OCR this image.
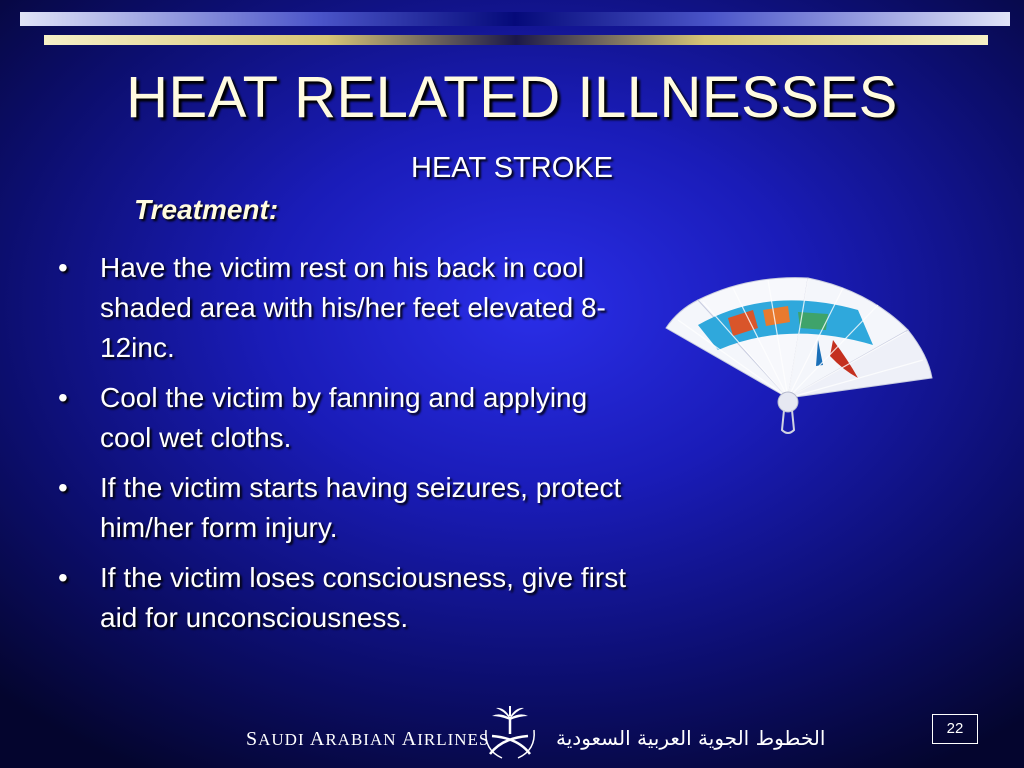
HEAT RELATED ILLNESSES
HEAT STROKE
Treatment:
• Have the victim rest on his back in cool shaded area with his/her feet elevated 8-12inc.
• Cool the victim by fanning and applying cool wet cloths.
• If the victim starts having seizures, protect him/her form injury.
• If the victim loses consciousness, give first aid for unconsciousness.
SAUDI ARABIAN AIRLINES	الخطوط الجوية العربية السعودية	22
